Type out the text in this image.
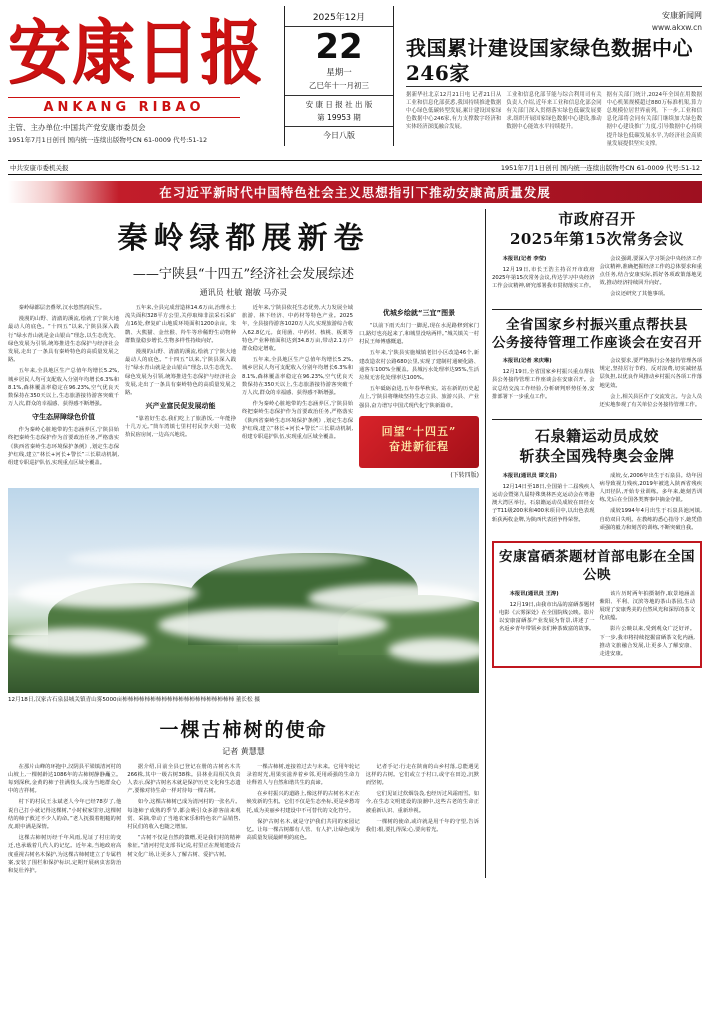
安康日报
ANKANG RIBAO
主管、主办单位:中国共产党安康市委员会
1951年7月1日创刊 国内统一连续出版物号CN 61-0009 代号:51-12
2025年12月
22
星期一
乙巳年十一月初三
安 康 日 报 社 出 版
第 19953 期
今日八版
安康新闻网
www.akxw.cn
我国累计建设国家绿色数据中心246家
据新华社北京12月21日电 记者21日从工业和信息化部获悉,我国持续推进数据中心绿色低碳转型发展,累计建设国家绿色数据中心246家,有力支撑数字经济和实体经济深度融合发展。
工业和信息化部节能与综合利用司有关负责人介绍,近年来工业和信息化部会同有关部门深入贯彻落实绿色低碳发展要求,组织开展国家绿色数据中心建设,推动数据中心能效水平持续提升。
据有关部门统计,2024年全国在用数据中心机架规模超过880万标准机架,算力总规模位居世界前列。下一步,工业和信息化部将会同有关部门继续加大绿色数据中心建设推广力度,引导数据中心持续提升绿色低碳发展水平,为经济社会高质量发展提供坚实支撑。
中共安康市委机关报	1951年7月1日创刊 国内统一连续出版物号CN 61-0009 代号:51-12
在习近平新时代中国特色社会主义思想指引下推动安康高质量发展
秦岭绿都展新卷
——宁陕县“十四五”经济社会发展综述
通讯员 杜敏 谢敏 马亦灵

秦岭绿都层峦叠翠,汉水悠然润民生。

漫漫的山野、清澈的溪流,绘就了宁陕大地最动人的底色。“十四五”以来,宁陕县深入践行“绿水青山就是金山银山”理念,以生态优先、绿色发展为引领,统筹推进生态保护与经济社会发展,走出了一条具有秦岭特色的高质量发展之路。

五年来,全县地区生产总值年均增长5.2%,城乡居民人均可支配收入分别年均增长6.3%和8.1%,森林覆盖率稳定在96.23%,空气优良天数保持在350天以上,生态旅游接待游客突破千万人次,群众的幸福感、获得感不断增强。

守生态屏障绿色价值

作为秦岭心脏地带的生态涵养区,宁陕县始终把秦岭生态保护作为首要政治任务,严格落实《陕西省秦岭生态环境保护条例》,划定生态保护红线,建立“林长+河长+警长”三长联动机制,组建专职巡护队伍,实现重点区域全覆盖。

五年来,全县完成营造林14.6万亩,治理水土流失面积328平方公里,关停取缔非法采石采矿点16处,修复矿山地质环境面积1200余亩。朱鹮、大熊猫、金丝猴、羚牛等珍稀野生动物种群数量稳步增长,生物多样性持续向好。

漫漫的山野、清澈的溪流,绘就了宁陕大地最动人的底色。“十四五”以来,宁陕县深入践行“绿水青山就是金山银山”理念,以生态优先、绿色发展为引领,统筹推进生态保护与经济社会发展,走出了一条具有秦岭特色的高质量发展之路。

兴产业富民促发展动能

“靠着好生态,我们吃上了旅游饭,一年能挣十几万元。”筒车湾镇七里村村民李大姐一边收拾民宿房间,一边高兴地说。

近年来,宁陕县依托生态优势,大力发展全域旅游、林下经济、中药材等特色产业。2025年，全县接待游客1020万人次,实现旅游综合收入62.8亿元。食用菌、中药材、核桃、板栗等特色产业种植面积达到34.8万亩,带动2.1万户群众稳定增收。

五年来,全县地区生产总值年均增长5.2%,城乡居民人均可支配收入分别年均增长6.3%和8.1%,森林覆盖率稳定在96.23%,空气优良天数保持在350天以上,生态旅游接待游客突破千万人次,群众的幸福感、获得感不断增强。

作为秦岭心脏地带的生态涵养区,宁陕县始终把秦岭生态保护作为首要政治任务,严格落实《陕西省秦岭生态环境保护条例》,划定生态保护红线,建立“林长+河长+警长”三长联动机制,组建专职巡护队伍,实现重点区域全覆盖。

优城乡绘就“三宜”图景

“以前下雨天出门一脚泥,现在水泥路修到家门口,路灯也亮起来了,和城里没啥两样。”城关镇关一村村民王师傅感慨道。

五年来,宁陕县实施城镇老旧小区改造46个,新建改造农村公路680公里,实现了建制村通硬化路、通客车100%全覆盖。县城污水处理率达95%,生活垃圾无害化处理率达100%。

五年砥砺奋进,五年春华秋实。站在新的历史起点上,宁陕县将继续坚持生态立县、旅游兴县、产业强县,奋力谱写中国式现代化宁陕新篇章。

回望“十四五”
奋进新征程
(下转四版)
12月18日,汉家古石泉县城关镇青山雾5000亩柿柿柿柿柿柿柿柿柿柿柿柿柿柿柿柿柿柿柿柿 董长松 摄
一棵古柿树的使命
记者 黄慧慧

在那片山峰的环抱中,汉阴县平梁镇清河村的山坡上,一棵树龄达1086年的古柿树静静矗立。每到深秋,金黄的柿子挂满枝头,成为当地群众心中的吉祥树。

村下的村民王永斌老人今年已经78岁了,他说自己打小就记得这棵树,“小时候家里穷,这棵树结的柿子救过不少人的命。”老人抚摸着粗糙的树皮,眼中满是深情。

这棵古柿树历经千年风雨,见证了村庄的变迁,也承载着几代人的记忆。近年来,当地政府高度重视古树名木保护,为这棵古柿树建立了专属档案,安装了围栏和保护标识,定期开展病虫害防治和复壮养护。

据介绍,目前全县已登记在册的古树名木共266株,其中一级古树38株。县林业局相关负责人表示,保护古树名木就是保护历史文化和生态遗产,要像对待生命一样对待每一棵古树。

如今,这棵古柿树已成为清河村的一张名片。每逢柿子成熟的季节,都会吸引众多游客前来观赏、采摘,带动了当地农家乐和特色农产品销售,村民们的收入也随之增加。

“古树不仅是自然的馈赠,更是我们村的精神象征。”清河村党支部书记说,村里正在规划建设古树文化广场,让更多人了解古树、爱护古树。

一棵古柿树,连接着过去与未来。它用年轮记录着时光,用果实滋养着乡邻,更用顽强的生命力诠释着人与自然和谐共生的真谛。

在乡村振兴的道路上,像这样的古树名木正在焕发新的生机。它们不仅是生态坐标,更是乡愁寄托,成为美丽乡村建设中不可替代的文化符号。

保护古树名木,就是守护我们共同的家园记忆。让每一棵古树都有人管、有人护,让绿色成为高质量发展最鲜明的底色。

记者手记:行走在陕南的山乡村落,总能遇见这样的古树。它们或立于村口,或守在田边,沉默而坚韧。

它们见证过炊烟袅袅,也经历过风霜雨雪。如今,在生态文明建设的浪潮中,这些古老的生命正被重新认识、重新珍视。

一棵树的使命,或许就是用千年的守望,告诉我们:根,要扎得深;心,要向着光。

市政府召开
2025年第15次常务会议

本报讯(记者 李莹)

12月19日,市长王浩主持召开市政府2025年第15次常务会议,传达学习中央经济工作会议精神,研究部署我市贯彻落实工作。

会议强调,要深入学习领会中央经济工作会议精神,准确把握经济工作的总体要求和重点任务,结合安康实际,抓好各项政策落地见效,推动经济持续回升向好。

会议还研究了其他事项。

全省国家乡村振兴重点帮扶县
公务接待管理工作座谈会在安召开

本报讯(记者 来庆琳)

12月19日,全省国家乡村振兴重点帮扶县公务接待管理工作座谈会在安康召开。会议总结交流工作经验,分析研判形势任务,安排部署下一步重点工作。

会议要求,要严格执行公务接待管理各项规定,坚持厉行节约、反对浪费,切实减轻基层负担,以优良作风推动乡村振兴各项工作落地见效。

会上,相关县区作了交流发言。与会人员还实地参观了有关单位公务接待管理工作。

石泉籍运动员成姣
斩获全国残特奥会金牌

本报讯(通讯员 谭文昌)

12月14日至18日,全国第十二届残疾人运动会暨第九届特殊奥林匹克运动会在粤港澳大湾区举行。石泉籍运动员成姣在田径女子T11级200米和400米项目中,以出色表现斩获两枚金牌,为陕西代表团争得荣誉。

成姣,女,2006年出生于石泉县。幼年因病导致视力残疾,2019年被选入陕西省残疾人田径队,开始专业训练。多年来,她刻苦训练,先后在全国各类赛事中摘金夺银。

成姣1994年4月出生于石泉县池河镇,自幼双目失明。在教练的悉心指导下,她凭借顽强的毅力和刻苦的训练,不断突破自我。

安康富硒茶题材首部电影在全国公映

本报讯(通讯员 王涛)

12月19日,由我市出品的富硒茶题材电影《云雾深处》在全国院线公映。影片以安康富硒茶产业发展为背景,讲述了一名返乡青年带领乡亲们种茶致富的故事。

该片历时两年拍摄制作,取景地涵盖紫阳、平利、汉滨等地的茶山茶园,生动展现了安康秀美的自然风光和深厚的茶文化底蕴。

影片公映以来,受到观众广泛好评。下一步,我市将持续挖掘富硒茶文化内涵,推动文旅融合发展,让更多人了解安康、走进安康。
